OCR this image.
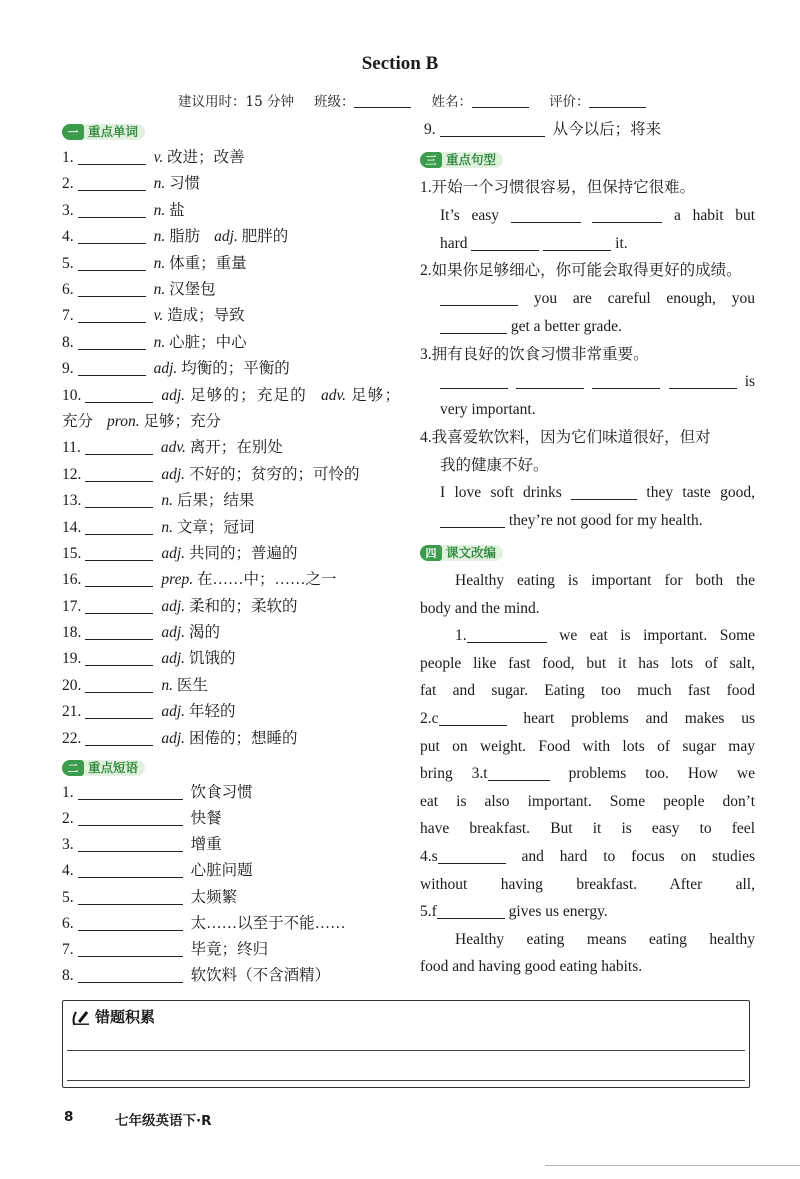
Section B
建议用时：15 分钟 班级：	姓名：	评价：
一 重点单词
1.	v. 改进；改善
2.	n. 习惯
3.	n. 盐
4.	n. 脂肪 adj. 肥胖的
5.	n. 体重；重量
6.	n. 汉堡包
7.	v. 造成；导致
8.	n. 心脏；中心
9.	adj. 均衡的；平衡的
10.	adj. 足够的；充足的 adv. 足够；充分 pron. 足够；充分
11.	adv. 离开；在别处
12.	adj. 不好的；贫穷的；可怜的
13.	n. 后果；结果
14.	n. 文章；冠词
15.	adj. 共同的；普遍的
16.	prep. 在……中；……之一
17.	adj. 柔和的；柔软的
18.	adj. 渴的
19.	adj. 饥饿的
20.	n. 医生
21.	adj. 年轻的
22.	adj. 困倦的；想睡的
二 重点短语
1.	饮食习惯
2.	快餐
3.	增重
4.	心脏问题
5.	太频繁
6.	太……以至于不能……
7.	毕竟；终归
8.	软饮料（不含酒精）
9.	从今以后；将来
三 重点句型
1.开始一个习惯很容易，但保持它很难。
It’s easy	a habit but
hard	it.
2.如果你足够细心，你可能会取得更好的成绩。
you are careful enough, you
get a better grade.
3.拥有良好的饮食习惯非常重要。
is
very important.
4.我喜爱软饮料，因为它们味道很好，但对
我的健康不好。
I love soft drinks	they taste good,
they’re not good for my health.
四 课文改编
Healthy eating is important for both the
body and the mind.
1.	we eat is important. Some
people like fast food, but it has lots of salt,
fat and sugar. Eating too much fast food
2.c	heart problems and makes us
put on weight. Food with lots of sugar may
bring 3.t	problems too. How we
eat is also important. Some people don’t
have breakfast. But it is easy to feel
4.s	and hard to focus on studies
without having breakfast. After all,
5.f	gives us energy.
Healthy eating means eating healthy
food and having good eating habits.
错题积累
8	七年级英语下·R
